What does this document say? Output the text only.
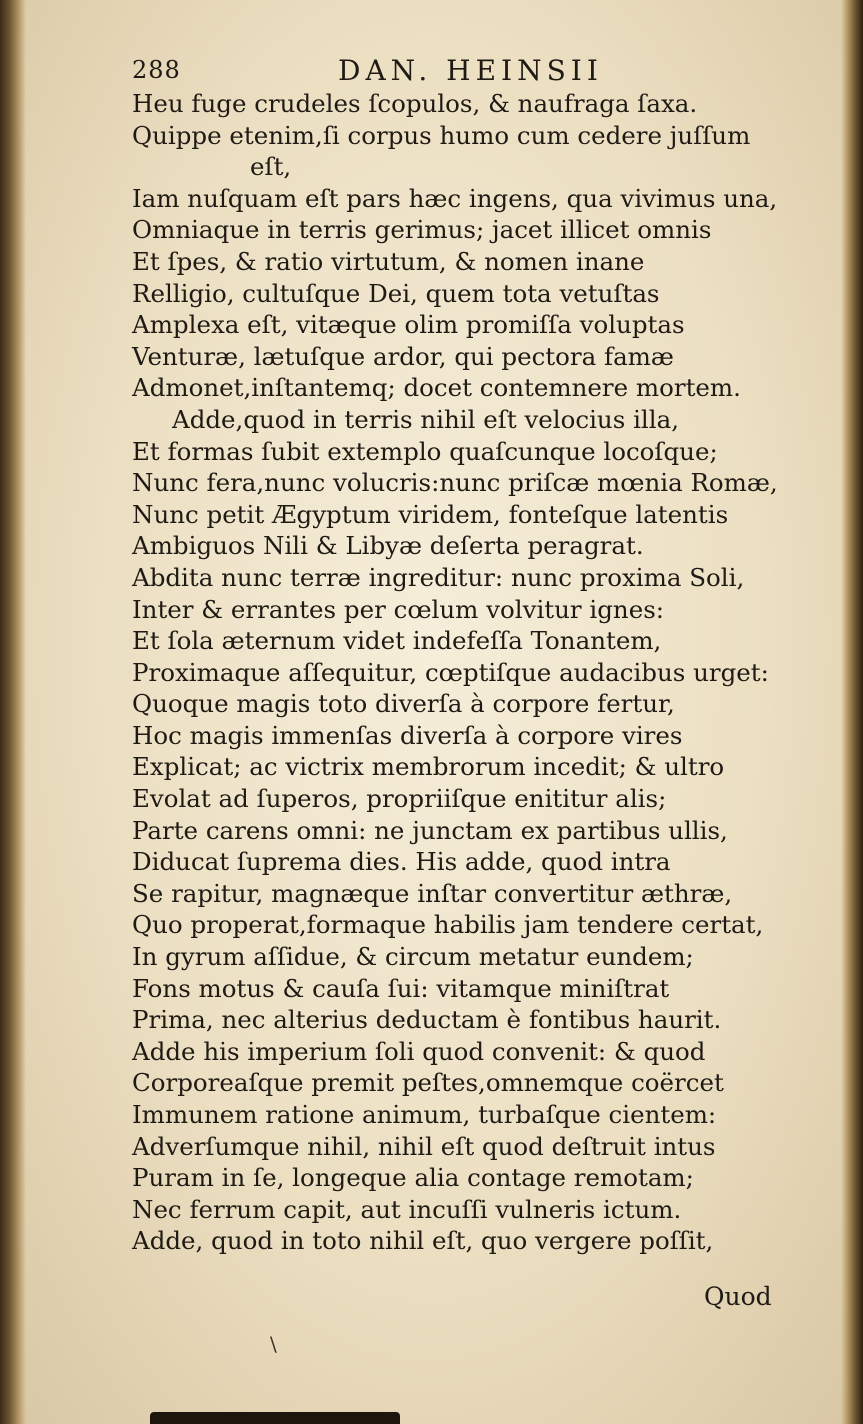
288	DAN. HEINSII
Heu fuge crudeles ſcopulos, & naufraga ſaxa.
Quippe etenim,ſi corpus humo cum cedere juſſum
eſt,
Iam nuſquam eſt pars hæc ingens, qua vivimus una,
Omniaque in terris gerimus; jacet illicet omnis
Et ſpes, & ratio virtutum, & nomen inane
Relligio, cultuſque Dei, quem tota vetuſtas
Amplexa eſt, vitæque olim promiſſa voluptas
Venturæ, lætuſque ardor, qui pectora famæ
Admonet,inſtantemq; docet contemnere mortem.
Adde,quod in terris nihil eſt velocius illa,
Et formas ſubit extemplo quaſcunque locoſque;
Nunc fera,nunc volucris:nunc priſcæ mœnia Romæ,
Nunc petit Ægyptum viridem, fonteſque latentis
Ambiguos Nili & Libyæ deſerta peragrat.
Abdita nunc terræ ingreditur: nunc proxima Soli,
Inter & errantes per cœlum volvitur ignes:
Et ſola æternum videt indefeſſa Tonantem,
Proximaque aſſequitur, cœptiſque audacibus urget:
Quoque magis toto diverſa à corpore fertur,
Hoc magis immenſas diverſa à corpore vires
Explicat; ac victrix membrorum incedit; & ultro
Evolat ad ſuperos, propriiſque enititur alis;
Parte carens omni: ne junctam ex partibus ullis,
Diducat ſuprema dies. His adde, quod intra
Se rapitur, magnæque inſtar convertitur æthræ,
Quo properat,formaque habilis jam tendere certat,
In gyrum aſſidue, & circum metatur eundem;
Fons motus & cauſa ſui: vitamque miniſtrat
Prima, nec alterius deductam è fontibus haurit.
Adde his imperium ſoli quod convenit: & quod
Corporeaſque premit peſtes,omnemque coërcet
Immunem ratione animum, turbaſque cientem:
Adverſumque nihil, nihil eſt quod deſtruit intus
Puram in ſe, longeque alia contage remotam;
Nec ferrum capit, aut incuſſi vulneris ictum.
Adde, quod in toto nihil eſt, quo vergere poſſit,
Quod
\
